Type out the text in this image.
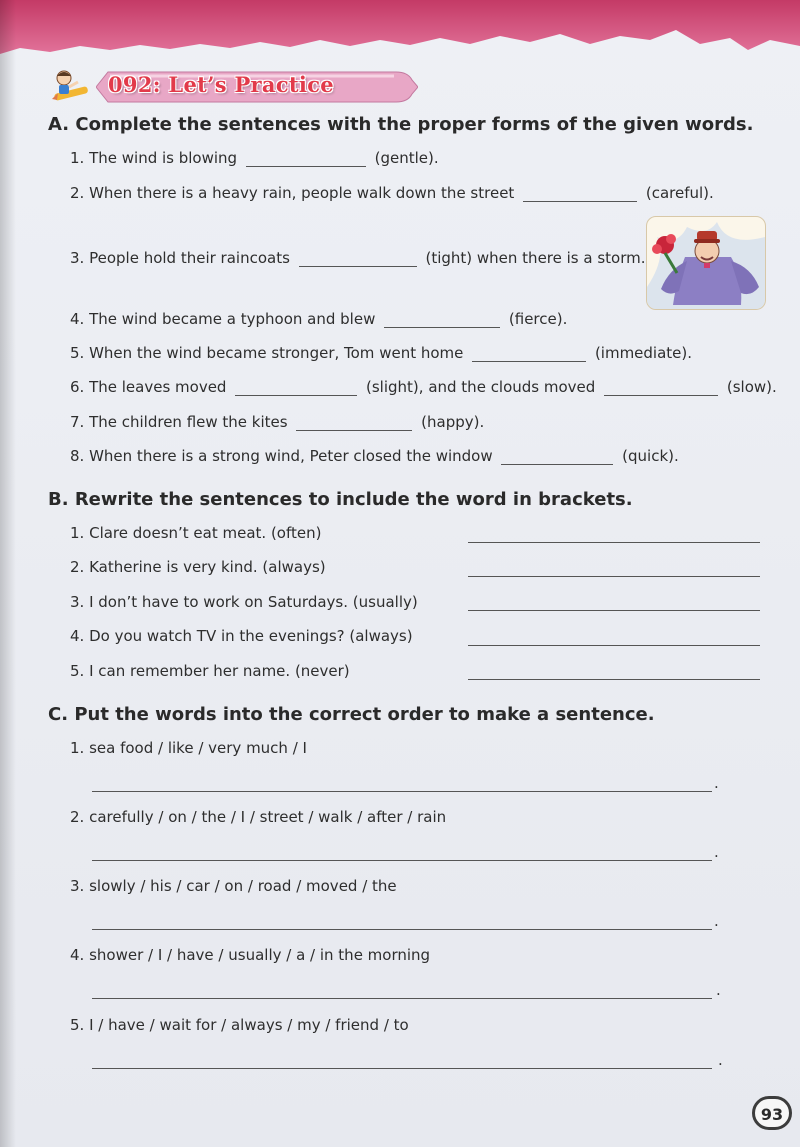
092: Let’s Practice
A. Complete the sentences with the proper forms of the given words.
1. The wind is blowing	(gentle).
2. When there is a heavy rain, people walk down the street	(careful).
3. People hold their raincoats	(tight) when there is a storm.
4. The wind became a typhoon and blew	(fierce).
5. When the wind became stronger, Tom went home	(immediate).
6. The leaves moved	(slight), and the clouds moved	(slow).
7. The children flew the kites	(happy).
8. When there is a strong wind, Peter closed the window	(quick).
B. Rewrite the sentences to include the word in brackets.
1. Clare doesn’t eat meat. (often)
2. Katherine is very kind. (always)
3. I don’t have to work on Saturdays. (usually)
4. Do you watch TV in the evenings? (always)
5. I can remember her name. (never)
C. Put the words into the correct order to make a sentence.
1. sea food / like / very much / I
.
2. carefully / on / the / I / street / walk / after / rain
.
3. slowly / his / car / on / road / moved / the
.
4. shower / I / have / usually / a / in the morning
.
5. I / have / wait for / always / my / friend / to
.
93
